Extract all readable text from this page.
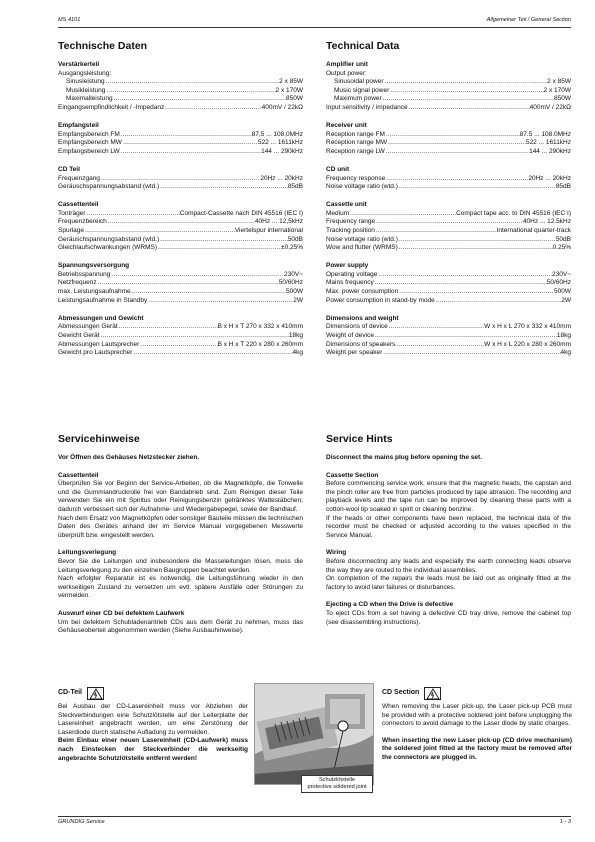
MS 4101	Allgemeiner Teil / General Section
Technische Daten
Verstärkerteil
Ausgangsleistung:
Sinusleistung .....	2 x 85W
Musikleistung .....	2 x 170W
Maximalleistung .....	850W
Eingangsempfindlichkeit / -Impedanz .....	400mV / 22kΩ
Empfangsteil
Empfangsbereich FM .....	87,5 ... 108,0MHz
Empfangsbereich MW .....	522 ... 1611kHz
Empfangsbereich LW .....	144 ... 290kHz
CD Teil
Frequenzgang .....	20Hz ... 20kHz
Geräuschspannungsabstand (wtd.) .....	85dB
Cassettenteil
Tonträger .....	Compact-Cassette nach DIN 45516 (IEC I)
Frequenzbereich .....	40Hz ... 12,5kHz
Spurlage .....	Viertelspur international
Geräuschspannungsabstand (wtd.) .....	50dB
Gleichlaufschwankungen (WRMS) .....	±0,25%
Spannungsversorgung
Betriebsspannung .....	230V~
Netzfrequenz .....	50/60Hz
max. Leistungsaufnahme .....	500W
Leistungsaufnahme in Standby .....	2W
Abmessungen und Gewicht
Abmessungen Gerät .....	B x H x T 270 x 332 x 410mm
Gewicht Gerät .....	18kg
Abmessungen Lautsprecher .....	B x H x T 220 x 280 x 260mm
Gewicht pro Lautsprecher .....	4kg
Technical Data
Amplifier unit
Output power:
Sinusoidal power .....	2 x 85W
Music signal power .....	2 x 170W
Maximum power .....	850W
Input sensitivity / impedance .....	400mV / 22kΩ
Receiver unit
Reception range FM .....	87.5 ... 108.0MHz
Reception range MW .....	522 ... 1611kHz
Reception range LW .....	144 ... 290kHz
CD unit
Frequency response .....	20Hz ... 20kHz
Noise voltage ratio (wtd.) .....	85dB
Cassette unit
Medium .....	Compact tape acc. to DIN 45516 (IEC I)
Frequency range .....	40Hz ... 12.5kHz
Tracking position .....	International quarter-track
Noise voltage ratio (wtd.) .....	50dB
Wow and flutter (WRMS) .....	0.25%
Power supply
Operating voltage .....	230V~
Mains frequency .....	50/60Hz
Max. power consumption .....	500W
Power consumption in stand-by mode .....	2W
Dimensions and weight
Dimensions of device .....	W x H x L 270 x 332 x 410mm
Weight of device .....	18kg
Dimensions of speakers .....	W x H x L 220 x 280 x 260mm
Weight per speaker .....	4kg
Servicehinweise
Vor Öffnen des Gehäuses Netzstecker ziehen.
Cassettenteil

Überprüfen Sie vor Beginn der Service-Arbeiten, ob die Magnetköpfe, die Tonwelle und die Gummiandruckrolle frei von Bandabrieb sind. Zum Reinigen dieser Teile verwenden Sie ein mit Spiritus oder Reinigungsbenzin getränktes Wattestäbchen; dadurch verbessert sich der Aufnahme- und Wiedergabepegel, sowie der Bandlauf.

Nach dem Ersatz von Magnetköpfen oder sonstiger Bauteile müssen die technischen Daten des Gerätes anhand der im Service Manual vorgegebenen Messwerte überprüft bzw. eingestellt werden.

Leitungsverlegung

Bevor Sie die Leitungen und insbesondere die Masseleitungen lösen, muss die Leitungsverlegung zu den einzelnen Baugruppen beachtet werden.

Nach erfolgter Reparatur ist es notwendig, die Leitungsführung wieder in den werkseitigen Zustand zu versetzen um evtl. spätere Ausfälle oder Störungen zu vermeiden.

Auswurf einer CD bei defektem Laufwerk

Um bei defektem Schubladenantrieb CDs aus dem Gerät zu nehmen, muss das Gehäuseoberteil abgenommen werden (Siehe Ausbauhinweise).

Service Hints
Disconnect the mains plug before opening the set.
Cassette Section

Before commencing service work, ensure that the magnetic heads, the capstan and the pinch roller are free from particles produced by tape abrasion. The recording and playback levels and the tape run can be improved by cleaning these parts with a cotton-wool tip soaked in spirit or cleaning benzine.

If the heads or other components have been replaced, the technical data of the recorder must be checked or adjusted according to the values specified in the Service Manual.

Wiring

Before disconnecting any leads and especially the earth connecting leads observe the way they are routed to the individual assemblies.

On completion of the repairs the leads must be laid out as originally fitted at the factory to avoid later failures or disturbances.

Ejecting a CD when the Drive is defective

To eject CDs from a set having a defective CD tray drive, remove the cabinet top (see disassembling instructions).

CD-Teil

Bei Ausbau der CD-Lasereinheit muss vor Abziehen der Steckverbindungen eine Schutzlötstelle auf der Leiterplatte der Lasereinheit angebracht werden, um eine Zerstörung der Laserdiode durch statische Aufladung zu vermeiden.

Beim Einbau einer neuen Lasereinheit (CD-Laufwerk) muss nach Einstecken der Steckverbinder die werkseitig angebrachte Schutzlötstelle entfernt werden!

Schutzlötstelle
protective soldered joint
CD Section

When removing the Laser pick-up, the Laser pick-up PCB must be provided with a protective soldered joint before unplugging the connectors to avoid damage to the Laser diode by static charges.

When inserting the new Laser pick-up (CD drive mechanism) the soldered joint fitted at the factory must be removed after the connectors are plugged in.

GRUNDIG Service	1 - 3
